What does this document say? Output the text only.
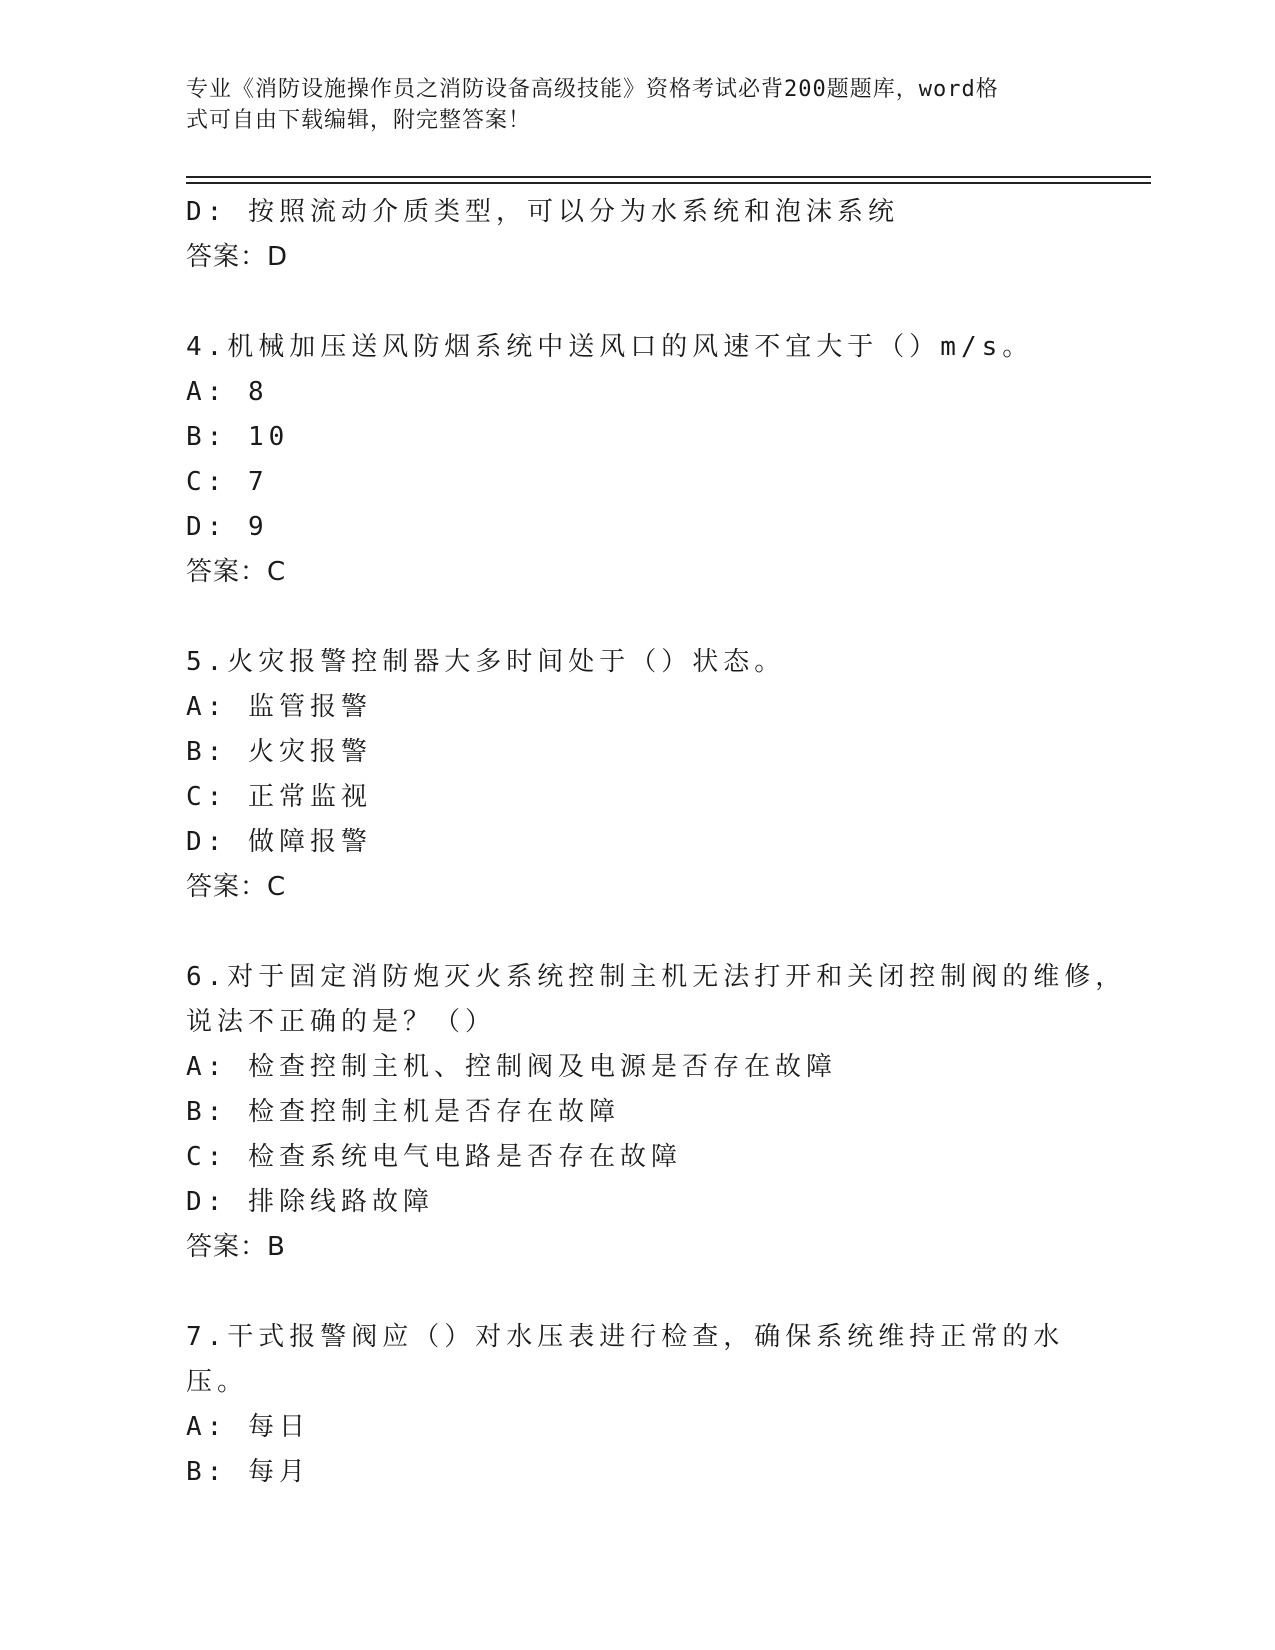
专业《消防设施操作员之消防设备高级技能》资格考试必背200题题库，word格
式可自由下载编辑，附完整答案！
D: 按照流动介质类型，可以分为水系统和泡沫系统
答案：D
4.机械加压送风防烟系统中送风口的风速不宜大于（）m/s。
A: 8
B: 10
C: 7
D: 9
答案：C
5.火灾报警控制器大多时间处于（）状态。
A: 监管报警
B: 火灾报警
C: 正常监视
D: 做障报警
答案：C
6.对于固定消防炮灭火系统控制主机无法打开和关闭控制阀的维修，
说法不正确的是？（）
A: 检查控制主机、控制阀及电源是否存在故障
B: 检查控制主机是否存在故障
C: 检查系统电气电路是否存在故障
D: 排除线路故障
答案：B
7.干式报警阀应（）对水压表进行检查，确保系统维持正常的水压。
A: 每日
B: 每月
